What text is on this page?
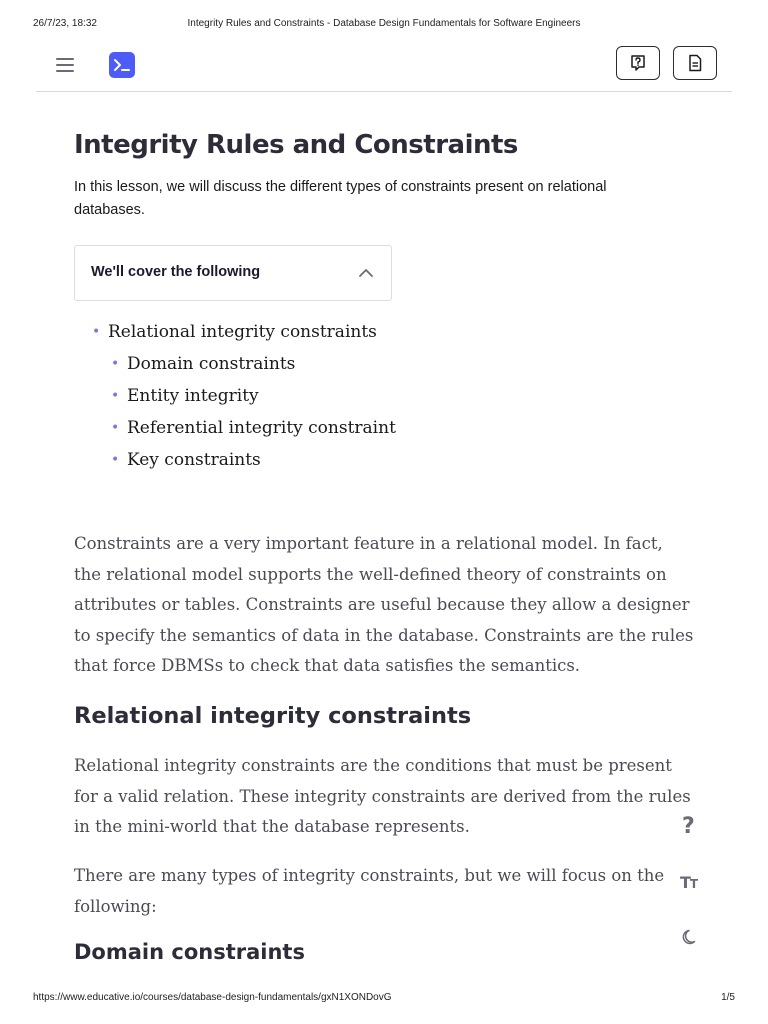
26/7/23, 18:32	Integrity Rules and Constraints - Database Design Fundamentals for Software Engineers
Integrity Rules and Constraints
In this lesson, we will discuss the different types of constraints present on relational databases.
We'll cover the following
• Relational integrity constraints
• Domain constraints
• Entity integrity
• Referential integrity constraint
• Key constraints
Constraints are a very important feature in a relational model. In fact, the relational model supports the well-defined theory of constraints on attributes or tables. Constraints are useful because they allow a designer to specify the semantics of data in the database. Constraints are the rules that force DBMSs to check that data satisfies the semantics.
Relational integrity constraints
Relational integrity constraints are the conditions that must be present for a valid relation. These integrity constraints are derived from the rules in the mini-world that the database represents.
There are many types of integrity constraints, but we will focus on the following:
Domain constraints
?
TT
https://www.educative.io/courses/database-design-fundamentals/gxN1XONDovG	1/5
